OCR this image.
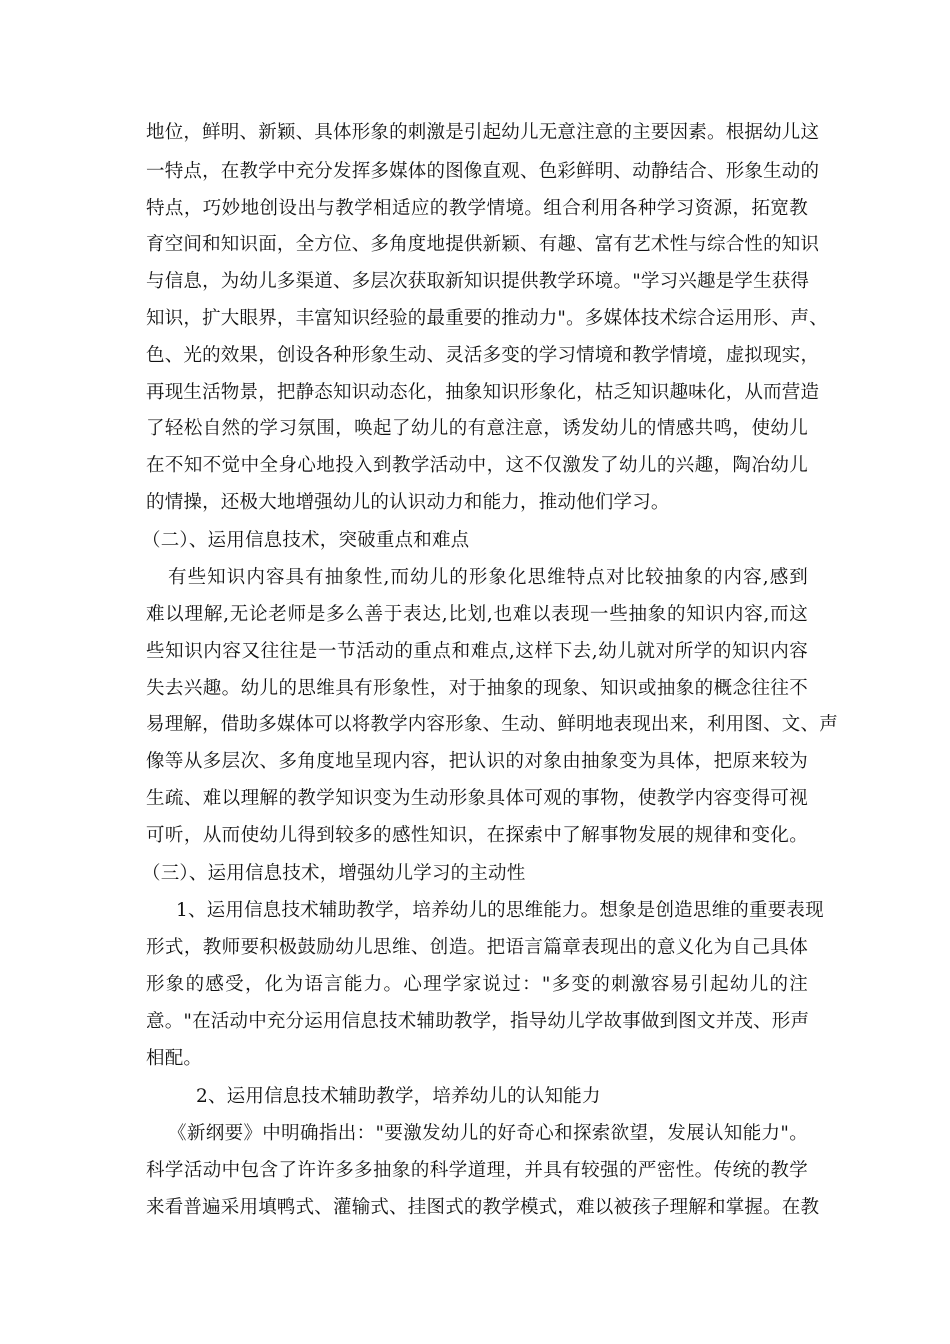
地位，鲜明、新颖、具体形象的刺激是引起幼儿无意注意的主要因素。根据幼儿这
一特点，在教学中充分发挥多媒体的图像直观、色彩鲜明、动静结合、形象生动的
特点，巧妙地创设出与教学相适应的教学情境。组合利用各种学习资源，拓宽教
育空间和知识面，全方位、多角度地提供新颖、有趣、富有艺术性与综合性的知识
与信息，为幼儿多渠道、多层次获取新知识提供教学环境。"学习兴趣是学生获得
知识，扩大眼界，丰富知识经验的最重要的推动力"。多媒体技术综合运用形、声、
色、光的效果，创设各种形象生动、灵活多变的学习情境和教学情境，虚拟现实，
再现生活物景，把静态知识动态化，抽象知识形象化，枯乏知识趣味化，从而营造
了轻松自然的学习氛围，唤起了幼儿的有意注意，诱发幼儿的情感共鸣，使幼儿
在不知不觉中全身心地投入到教学活动中，这不仅激发了幼儿的兴趣，陶冶幼儿
的情操，还极大地增强幼儿的认识动力和能力，推动他们学习。
（二）、运用信息技术，突破重点和难点
有些知识内容具有抽象性,而幼儿的形象化思维特点对比较抽象的内容,感到
难以理解,无论老师是多么善于表达,比划,也难以表现一些抽象的知识内容,而这
些知识内容又往往是一节活动的重点和难点,这样下去,幼儿就对所学的知识内容
失去兴趣。幼儿的思维具有形象性，对于抽象的现象、知识或抽象的概念往往不
易理解，借助多媒体可以将教学内容形象、生动、鲜明地表现出来，利用图、文、声
像等从多层次、多角度地呈现内容，把认识的对象由抽象变为具体，把原来较为
生疏、难以理解的教学知识变为生动形象具体可观的事物，使教学内容变得可视
可听，从而使幼儿得到较多的感性知识，在探索中了解事物发展的规律和变化。
（三）、运用信息技术，增强幼儿学习的主动性
1、运用信息技术辅助教学，培养幼儿的思维能力。想象是创造思维的重要表现
形式，教师要积极鼓励幼儿思维、创造。把语言篇章表现出的意义化为自己具体
形象的感受，化为语言能力。心理学家说过："多变的刺激容易引起幼儿的注
意。"在活动中充分运用信息技术辅助教学，指导幼儿学故事做到图文并茂、形声
相配。
2、运用信息技术辅助教学，培养幼儿的认知能力
《新纲要》中明确指出："要激发幼儿的好奇心和探索欲望，发展认知能力"。
科学活动中包含了许许多多抽象的科学道理，并具有较强的严密性。传统的教学
来看普遍采用填鸭式、灌输式、挂图式的教学模式，难以被孩子理解和掌握。在教
